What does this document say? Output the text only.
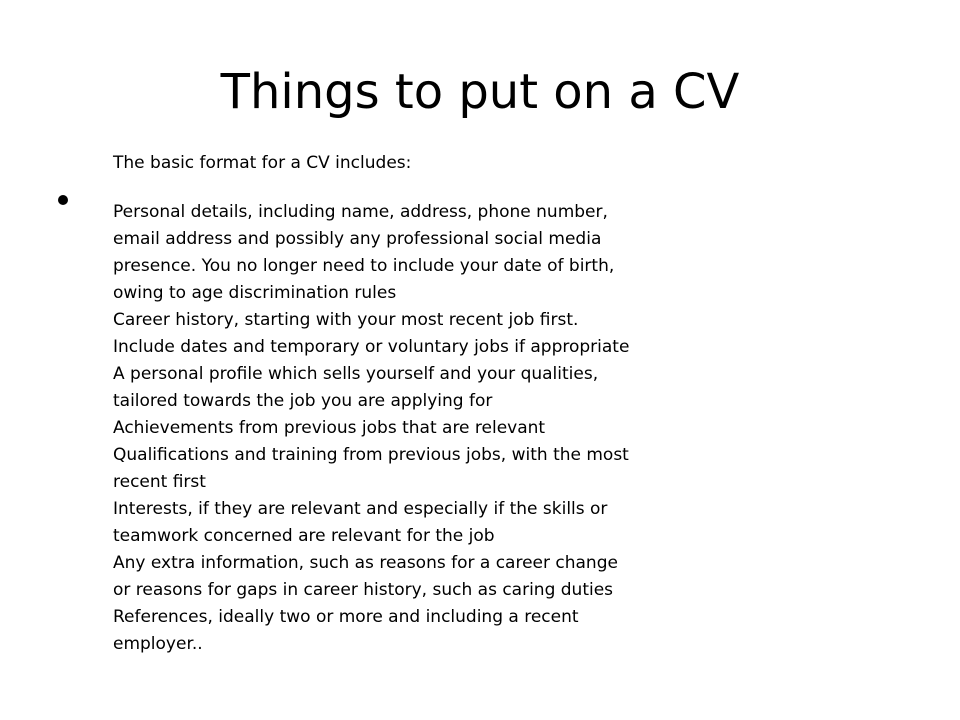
Things to put on a CV

The basic format for a CV includes:

Personal details, including name, address, phone number,

email address and possibly any professional social media

presence. You no longer need to include your date of birth,

owing to age discrimination rules

Career history, starting with your most recent job first.

Include dates and temporary or voluntary jobs if appropriate

A personal profile which sells yourself and your qualities,

tailored towards the job you are applying for

Achievements from previous jobs that are relevant

Qualifications and training from previous jobs, with the most

recent first

Interests, if they are relevant and especially if the skills or

teamwork concerned are relevant for the job

Any extra information, such as reasons for a career change

or reasons for gaps in career history, such as caring duties

References, ideally two or more and including a recent

employer..
